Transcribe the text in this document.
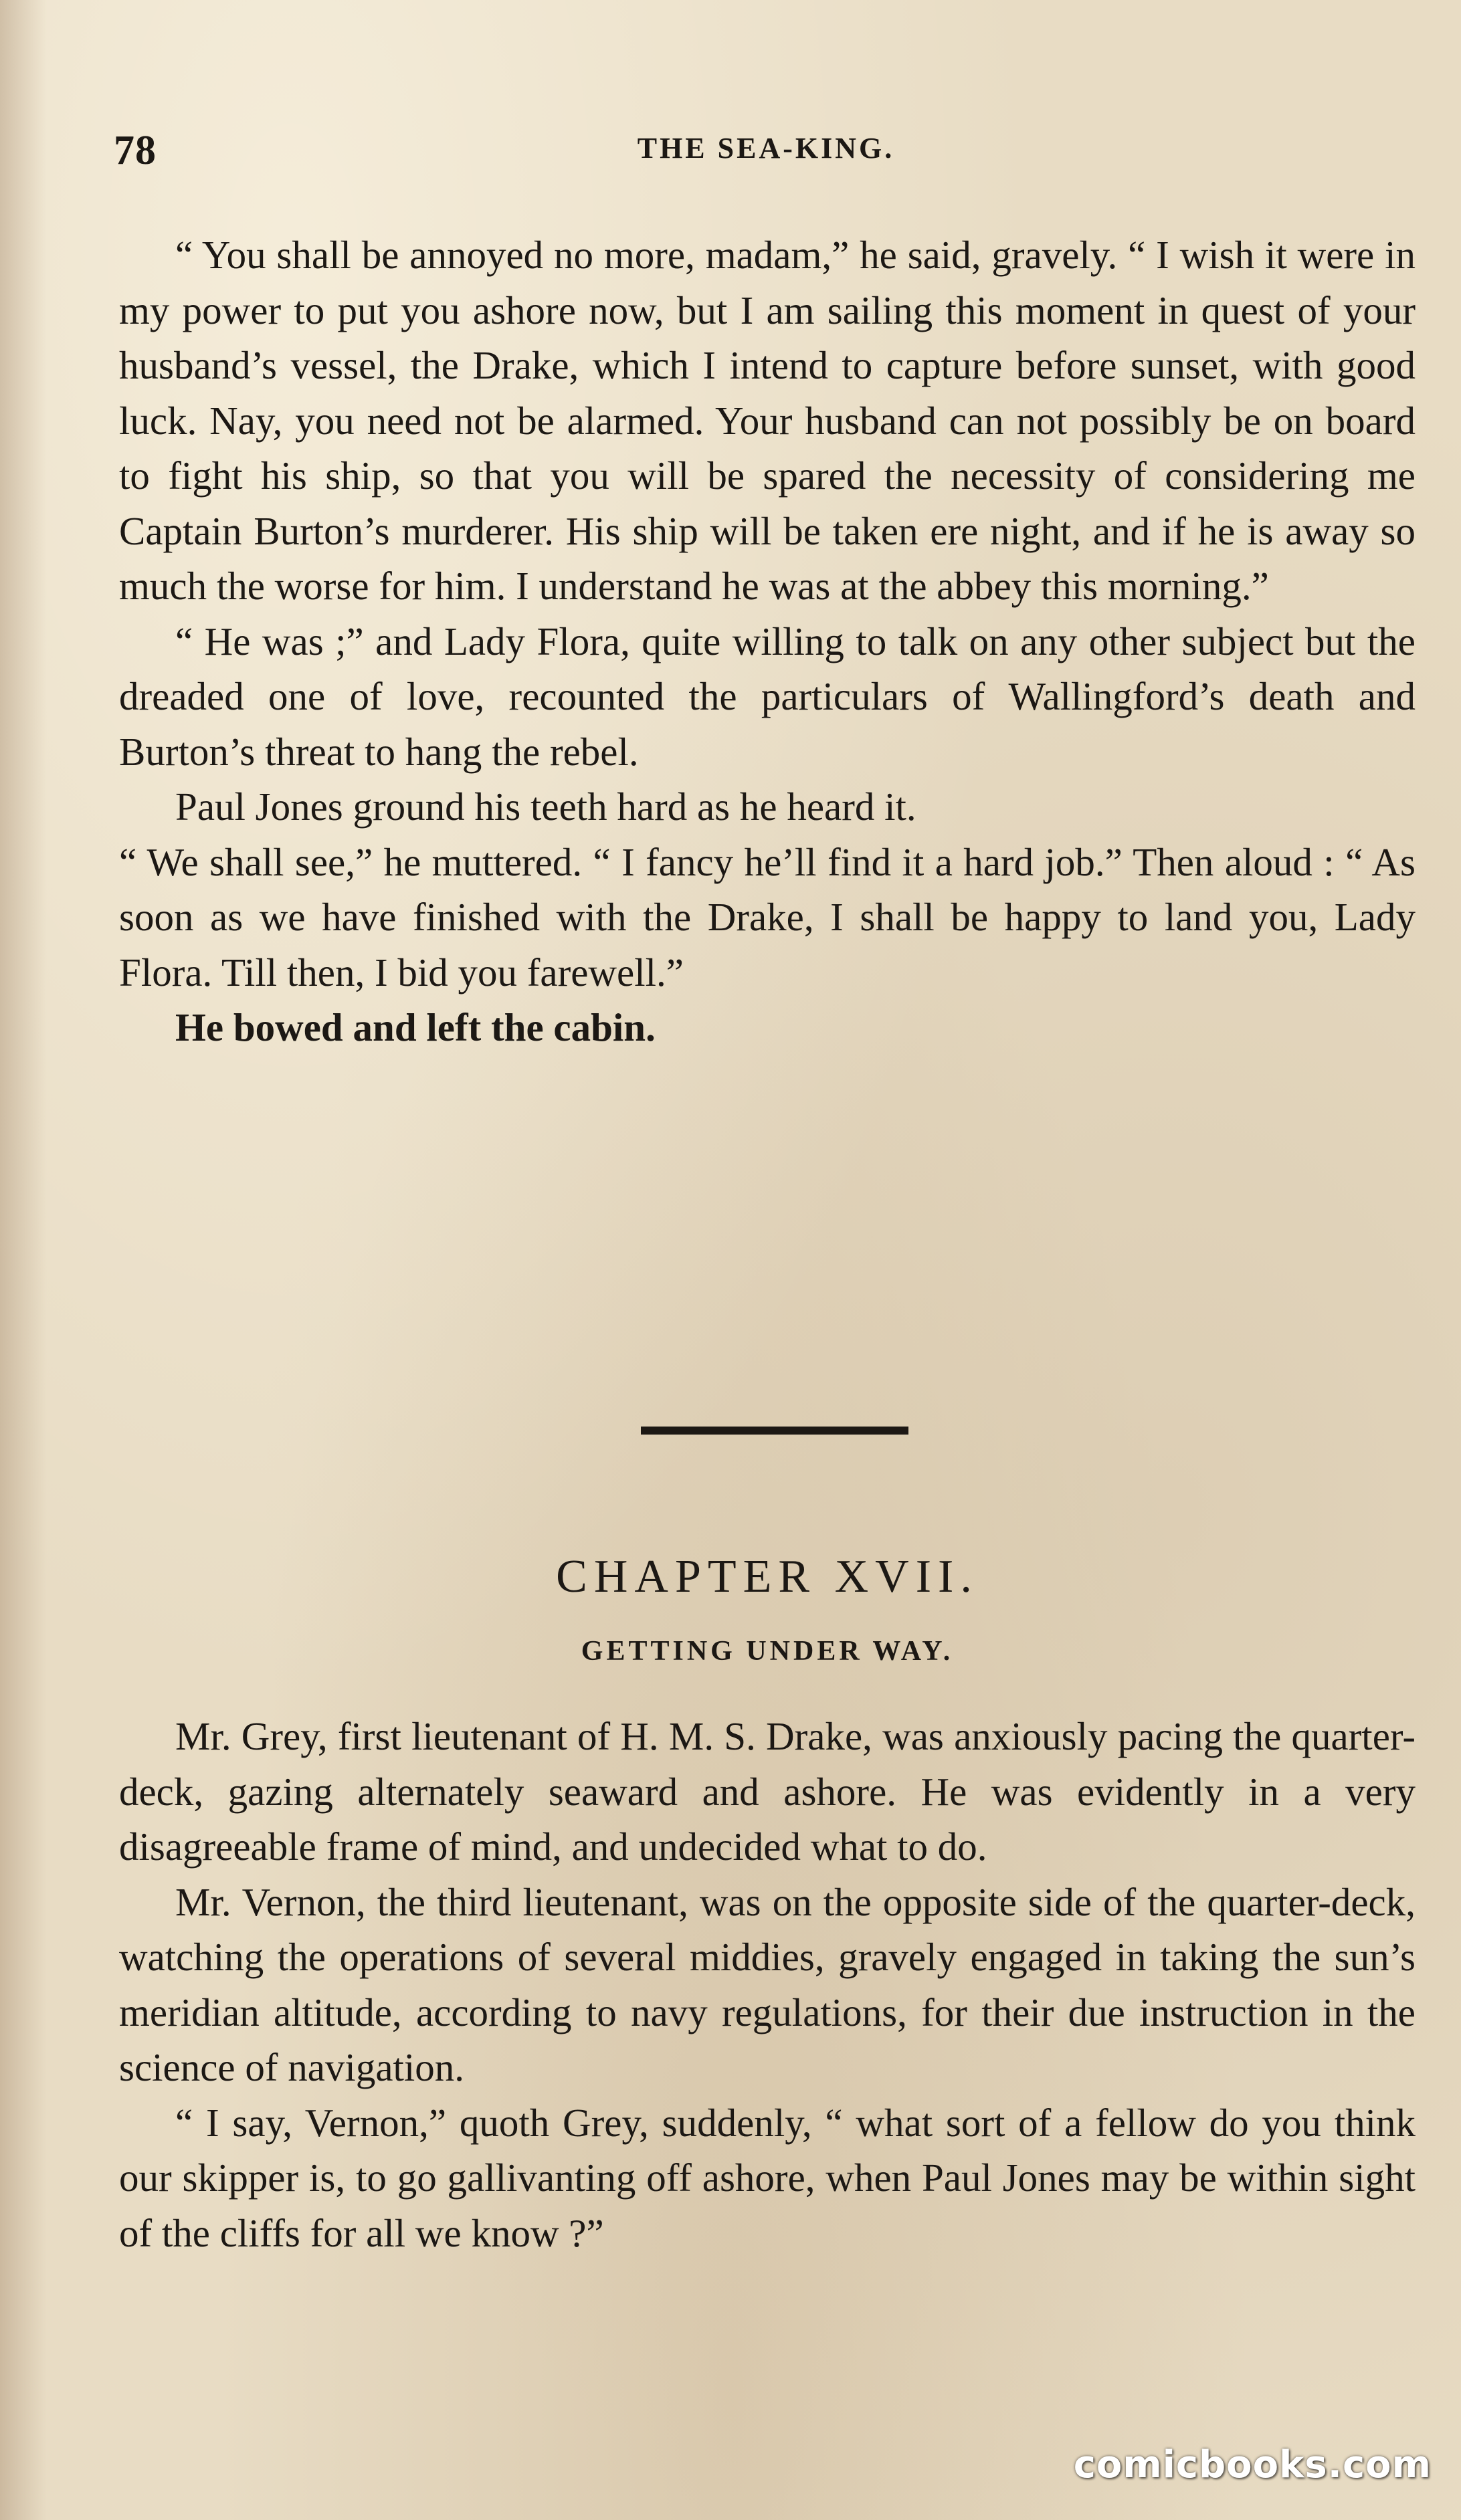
78	THE SEA-KING.

“ You shall be annoyed no more, madam,” he said, gravely. “ I wish it were in my power to put you ashore now, but I am sailing this moment in quest of your husband’s vessel, the Drake, which I intend to capture before sunset, with good luck. Nay, you need not be alarmed. Your husband can not possibly be on board to fight his ship, so that you will be spared the necessity of considering me Captain Burton’s murderer. His ship will be taken ere night, and if he is away so much the worse for him. I understand he was at the abbey this morning.”

“ He was ;” and Lady Flora, quite willing to talk on any other subject but the dreaded one of love, recounted the particulars of Wallingford’s death and Burton’s threat to hang the rebel.

Paul Jones ground his teeth hard as he heard it.

“ We shall see,” he muttered. “ I fancy he’ll find it a hard job.” Then aloud : “ As soon as we have finished with the Drake, I shall be happy to land you, Lady Flora. Till then, I bid you farewell.”

He bowed and left the cabin.

CHAPTER XVII.
GETTING UNDER WAY.

Mr. Grey, first lieutenant of H. M. S. Drake, was anxiously pacing the quarter-deck, gazing alternately seaward and ashore. He was evidently in a very disagreeable frame of mind, and undecided what to do.

Mr. Vernon, the third lieutenant, was on the opposite side of the quarter-deck, watching the operations of several middies, gravely engaged in taking the sun’s meridian altitude, according to navy regulations, for their due instruction in the science of navigation.

“ I say, Vernon,” quoth Grey, suddenly, “ what sort of a fellow do you think our skipper is, to go gallivanting off ashore, when Paul Jones may be within sight of the cliffs for all we know ?”

comicbooks.com
